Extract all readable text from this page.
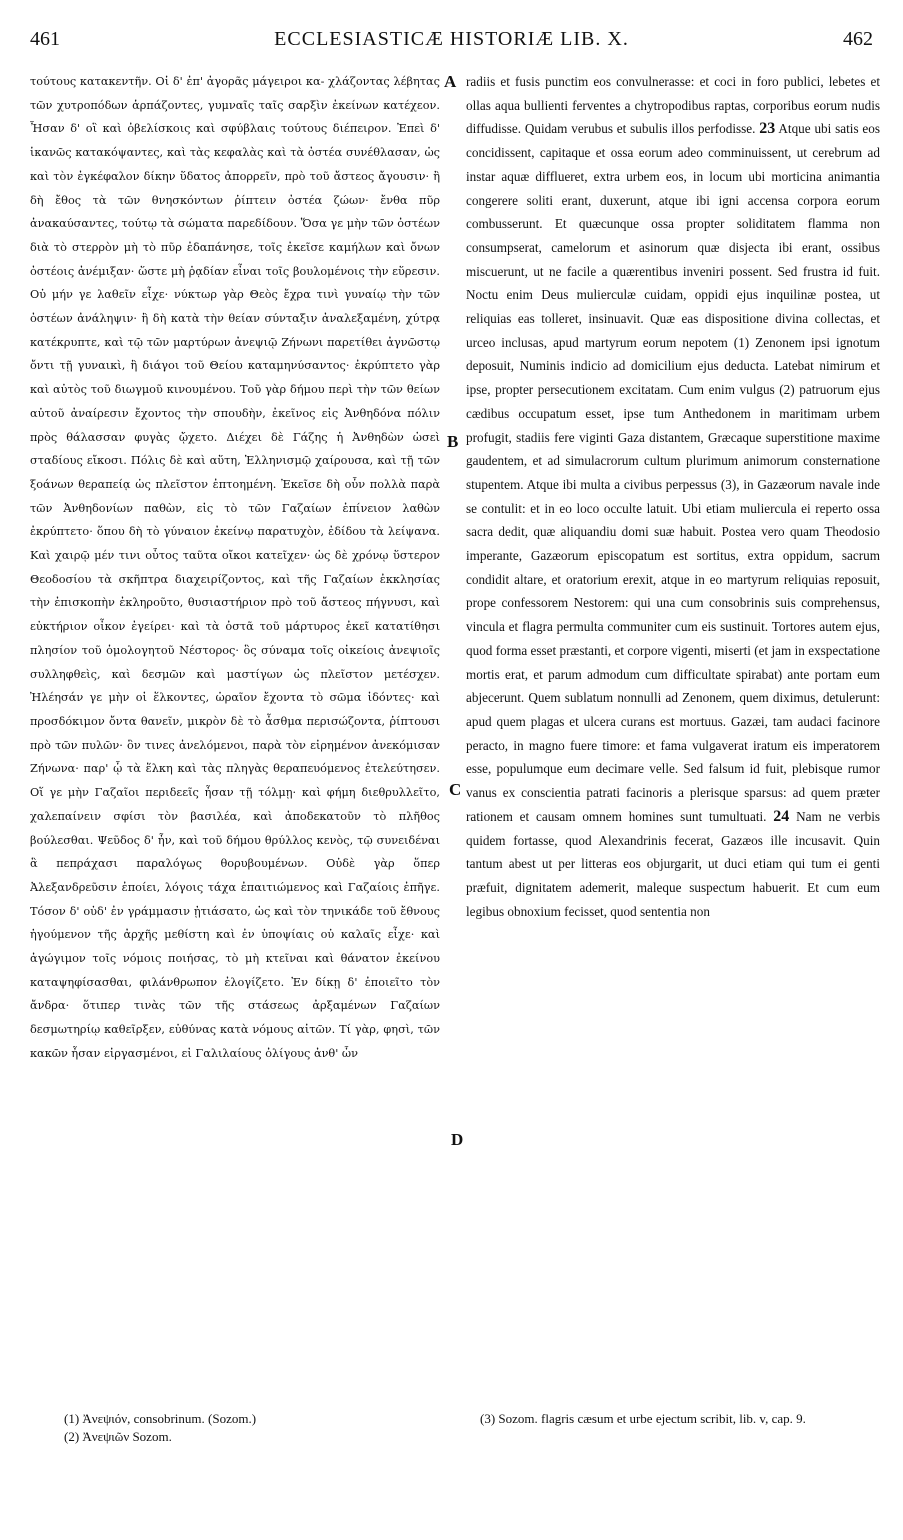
461	ECCLESIASTICÆ HISTORIÆ LIB. X.	462

τούτους κατακεντῆν. Οἱ δ' ἐπ' ἀγορᾶς μάγειροι κα- χλάζοντας λέβητας τῶν χυτροπόδων ἁρπάζοντες, γυμναῖς ταῖς σαρξὶν ἐκείνων κατέχεον. Ἦσαν δ' οἳ καὶ ὀβελίσκοις καὶ σφύβλαις τούτους διέπειρον. Ἐπεὶ δ' ἱκανῶς κατακόψαντες, καὶ τὰς κεφαλὰς καὶ τὰ ὀστέα συνέθλασαν, ὡς καὶ τὸν ἐγκέφαλον δίκην ὕδατος ἀπορρεῖν, πρὸ τοῦ ἄστεος ἄγουσιν· ἢ δὴ ἔθος τὰ τῶν θνησκόντων ῥίπτειν ὀστέα ζώων· ἔνθα πῦρ ἀνακαύσαντες, τούτῳ τὰ σώματα παρεδίδουν. Ὅσα γε μὴν τῶν ὀστέων διὰ τὸ στερρὸν μὴ τὸ πῦρ ἐδαπάνησε, τοῖς ἐκεῖσε καμήλων καὶ ὄνων ὀστέοις ἀνέμιξαν· ὥστε μὴ ῥᾳδίαν εἶναι τοῖς βουλομένοις τὴν εὕρεσιν. Οὐ μήν γε λαθεῖν εἶχε· νύκτωρ γὰρ Θεὸς ἔχρα τινὶ γυναίῳ τὴν τῶν ὀστέων ἀνάληψιν· ἣ δὴ κατὰ τὴν θείαν σύνταξιν ἀναλεξαμένη, χύτρᾳ κατέκρυπτε, καὶ τῷ τῶν μαρτύρων ἀνεψιῷ Ζήνωνι παρετίθει ἀγνῶστῳ ὄντι τῇ γυναικὶ, ἣ διάγοι τοῦ Θείου καταμηνύσαντος· ἐκρύπτετο γὰρ καὶ αὐτὸς τοῦ διωγμοῦ κινουμένου. Τοῦ γὰρ δήμου περὶ τὴν τῶν θείων αὐτοῦ ἀναίρεσιν ἔχοντος τὴν σπουδὴν, ἐκεῖνος εἰς Ἀνθηδόνα πόλιν πρὸς θάλασσαν φυγὰς ᾤχετο. Διέχει δὲ Γάζης ἡ Ἀνθηδὼν ὡσεὶ σταδίους εἴκοσι. Πόλις δὲ καὶ αὕτη, Ἑλληνισμῷ χαίρουσα, καὶ τῇ τῶν ξοάνων θεραπείᾳ ὡς πλεῖστον ἐπτοημένη. Ἐκεῖσε δὴ οὖν πολλὰ παρὰ τῶν Ἀνθηδονίων παθὼν, εἰς τὸ τῶν Γαζαίων ἐπίνειον λαθὼν ἐκρύπτετο· ὅπου δὴ τὸ γύναιον ἐκείνῳ παρατυχὸν, ἐδίδου τὰ λείψανα. Καὶ χαιρῷ μέν τινι οὗτος ταῦτα οἴκοι κατεῖχεν· ὡς δὲ χρόνῳ ὕστερον Θεοδοσίου τὰ σκῆπτρα διαχειρίζοντος, καὶ τῆς Γαζαίων ἐκκλησίας τὴν ἐπισκοπὴν ἐκληροῦτο, θυσιαστήριον πρὸ τοῦ ἄστεος πήγνυσι, καὶ εὐκτήριον οἶκον ἐγείρει· καὶ τὰ ὀστᾶ τοῦ μάρτυρος ἐκεῖ κατατίθησι πλησίον τοῦ ὁμολογητοῦ Νέστορος· ὃς σύναμα τοῖς οἰκείοις ἀνεψιοῖς συλληφθεὶς, καὶ δεσμῶν καὶ μαστίγων ὡς πλεῖστον μετέσχεν. Ἠλέησάν γε μὴν οἱ ἕλκοντες, ὡραῖον ἔχοντα τὸ σῶμα ἰδόντες· καὶ προσδόκιμον ὄντα θανεῖν, μικρὸν δὲ τὸ ἆσθμα περισώζοντα, ῥίπτουσι πρὸ τῶν πυλῶν· ὃν τινες ἀνελόμενοι, παρὰ τὸν εἰρημένον ἀνεκόμισαν Ζήνωνα· παρ' ᾧ τὰ ἕλκη καὶ τὰς πληγὰς θεραπευόμενος ἐτελεύτησεν. Οἵ γε μὴν Γαζαῖοι περιδεεῖς ἦσαν τῇ τόλμῃ· καὶ φήμη διεθρυλλεῖτο, χαλεπαίνειν σφίσι τὸν βασιλέα, καὶ ἀποδεκατοῦν τὸ πλῆθος βούλεσθαι. Ψεῦδος δ' ἦν, καὶ τοῦ δήμου θρύλλος κενὸς, τῷ συνειδέναι ἃ πεπράχασι παραλόγως θορυβουμένων. Οὐδὲ γὰρ ὅπερ Ἀλεξανδρεῦσιν ἐποίει, λόγοις τάχα ἐπαιτιώμενος καὶ Γαζαίοις ἐπῆγε. Τόσον δ' οὐδ' ἐν γράμμασιν ᾐτιάσατο, ὡς καὶ τὸν τηνικάδε τοῦ ἔθνους ἡγούμενον τῆς ἀρχῆς μεθίστη καὶ ἐν ὑποψίαις οὐ καλαῖς εἶχε· καὶ ἀγώγιμον τοῖς νόμοις ποιήσας, τὸ μὴ κτεῖναι καὶ θάνατον ἐκείνου καταψηφίσασθαι, φιλάνθρωπον ἐλογίζετο. Ἐν δίκῃ δ' ἐποιεῖτο τὸν ἄνδρα· ὅτιπερ τινὰς τῶν τῆς στάσεως ἀρξαμένων Γαζαίων δεσμωτηρίῳ καθεῖρξεν, εὐθύνας κατὰ νόμους αἰτῶν. Τί γὰρ, φησὶ, τῶν κακῶν ἦσαν εἰργασμένοι, εἰ Γαλιλαίους ὀλίγους ἀνθ' ὧν

radiis et fusis punctim eos convulnerasse: et coci in foro publici, lebetes et ollas aqua bullienti ferventes a chytropodibus raptas, corporibus eorum nudis diffudisse. Quidam verubus et subulis illos perfodisse. 23 Atque ubi satis eos concidissent, capitaque et ossa eorum adeo comminuissent, ut cerebrum ad instar aquæ difflueret, extra urbem eos, in locum ubi morticina animantia congerere soliti erant, duxerunt, atque ibi igni accensa corpora eorum combusserunt. Et quæcunque ossa propter soliditatem flamma non consumpserat, camelorum et asinorum quæ disjecta ibi erant, ossibus miscuerunt, ut ne facile a quærentibus inveniri possent. Sed frustra id fuit. Noctu enim Deus mulierculæ cuidam, oppidi ejus inquilinæ postea, ut reliquias eas tolleret, insinuavit. Quæ eas dispositione divina collectas, et urceo inclusas, apud martyrum eorum nepotem (1) Zenonem ipsi ignotum deposuit, Numinis indicio ad domicilium ejus deducta. Latebat nimirum et ipse, propter persecutionem excitatam. Cum enim vulgus (2) patruorum ejus cædibus occupatum esset, ipse tum Anthedonem in maritimam urbem profugit, stadiis fere viginti Gaza distantem, Græcaque superstitione maxime gaudentem, et ad simulacrorum cultum plurimum animorum consternatione stupentem. Atque ibi multa a civibus perpessus (3), in Gazæorum navale inde se contulit: et in eo loco occulte latuit. Ubi etiam muliercula ei reperto ossa sacra dedit, quæ aliquandiu domi suæ habuit. Postea vero quam Theodosio imperante, Gazæorum episcopatum est sortitus, extra oppidum, sacrum condidit altare, et oratorium erexit, atque in eo martyrum reliquias reposuit, prope confessorem Nestorem: qui una cum consobrinis suis comprehensus, vincula et flagra permulta communiter cum eis sustinuit. Tortores autem ejus, quod forma esset præstanti, et corpore vigenti, miserti (et jam in exspectatione mortis erat, et parum admodum cum difficultate spirabat) ante portam eum abjecerunt. Quem sublatum nonnulli ad Zenonem, quem diximus, detulerunt: apud quem plagas et ulcera curans est mortuus. Gazæi, tam audaci facinore peracto, in magno fuere timore: et fama vulgaverat iratum eis imperatorem esse, populumque eum decimare velle. Sed falsum id fuit, plebisque rumor vanus ex conscientia patrati facinoris a plerisque sparsus: ad quem præter rationem et causam omnem homines sunt tumultuati. 24 Nam ne verbis quidem fortasse, quod Alexandrinis fecerat, Gazæos ille incusavit. Quin tantum abest ut per litteras eos objurgarit, ut duci etiam qui tum ei genti præfuit, dignitatem ademerit, maleque suspectum habuerit. Et cum eum legibus obnoxium fecisset, quod sententia non

A
B
C
D

(1) Ἀνεψιόν, consobrinum. (Sozom.)

(2) Ἀνεψιῶν Sozom.

(3) Sozom. flagris cæsum et urbe ejectum scribit, lib. v, cap. 9.
